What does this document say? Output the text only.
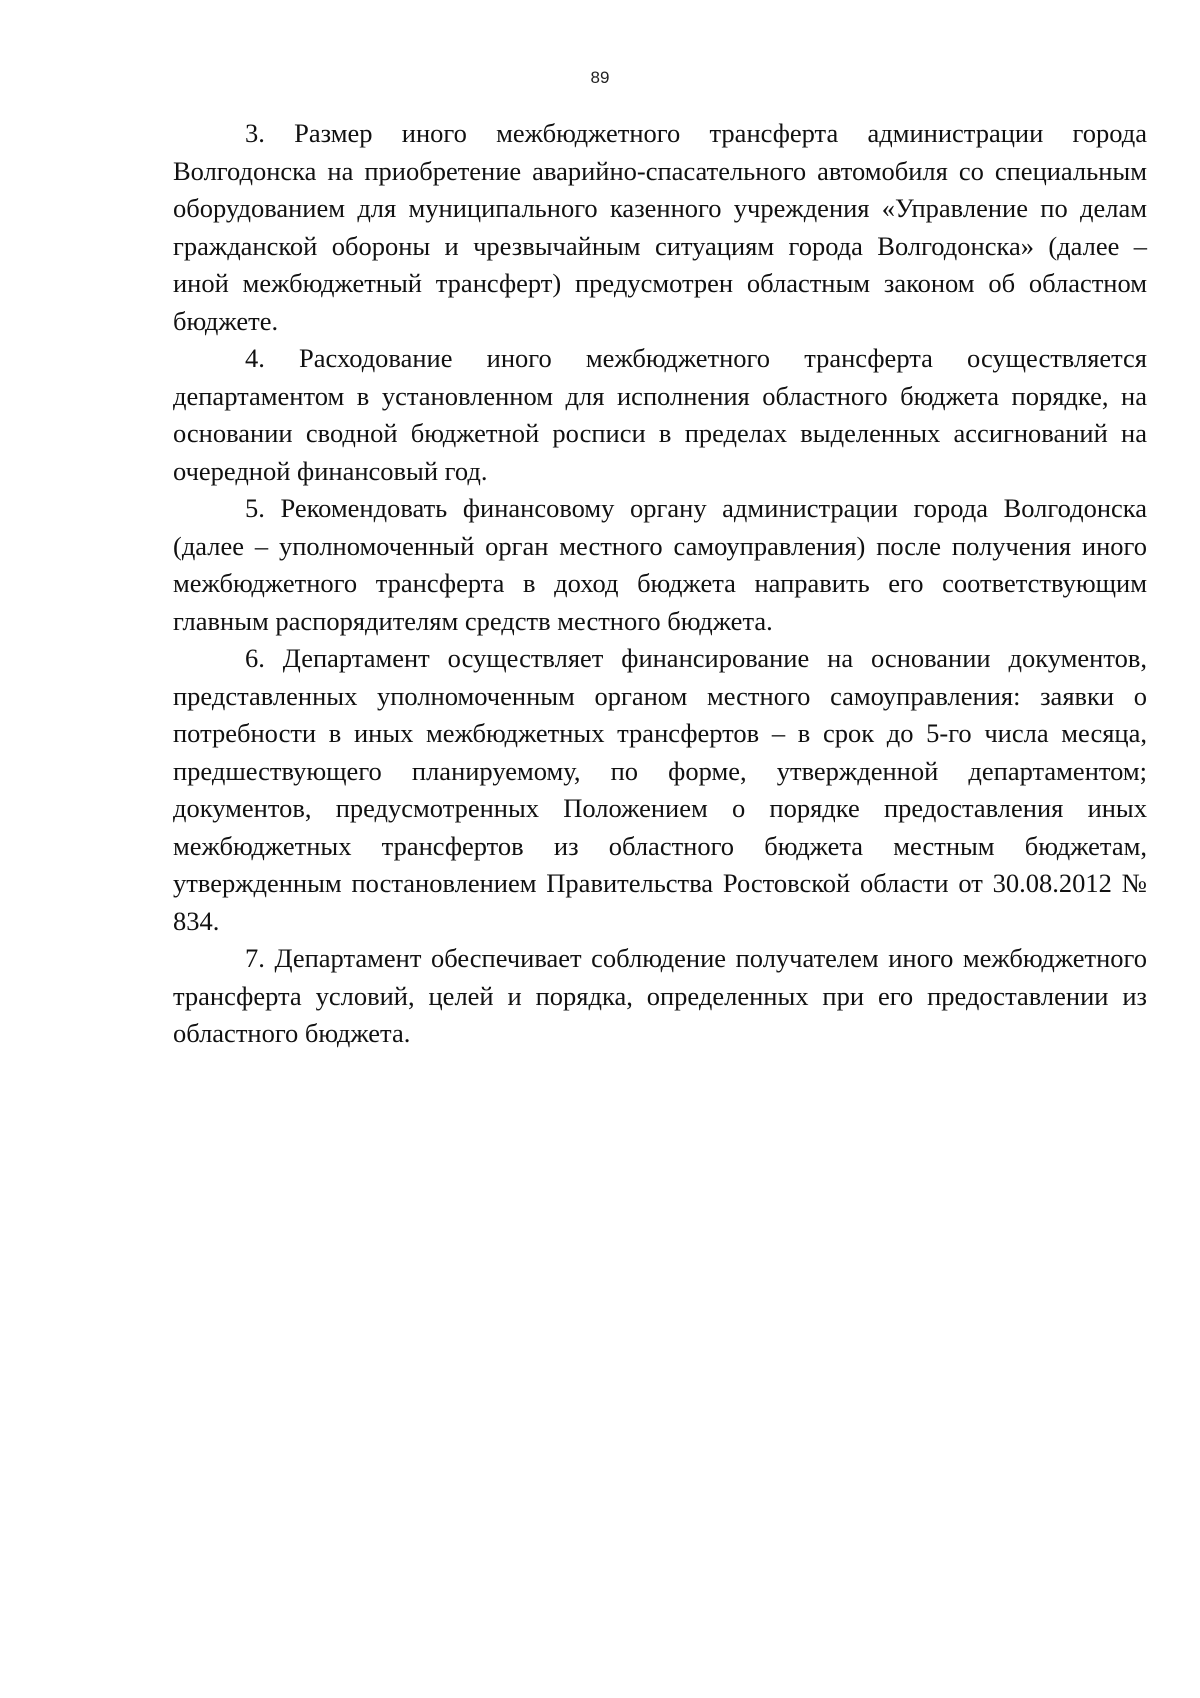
89

3. Размер иного межбюджетного трансферта администрации города Волгодонска на приобретение аварийно-спасательного автомобиля со специальным оборудованием для муниципального казенного учреждения «Управление по делам гражданской обороны и чрезвычайным ситуациям города Волгодонска» (далее – иной межбюджетный трансферт) предусмотрен областным законом об областном бюджете.

4. Расходование иного межбюджетного трансферта осуществляется департаментом в установленном для исполнения областного бюджета порядке, на основании сводной бюджетной росписи в пределах выделенных ассигнований на очередной финансовый год.

5. Рекомендовать финансовому органу администрации города Волгодонска (далее – уполномоченный орган местного самоуправления) после получения иного межбюджетного трансферта в доход бюджета направить его соответствующим главным распорядителям средств местного бюджета.

6. Департамент осуществляет финансирование на основании документов, представленных уполномоченным органом местного самоуправления: заявки о потребности в иных межбюджетных трансфертов – в срок до 5-го числа месяца, предшествующего планируемому, по форме, утвержденной департаментом; документов, предусмотренных Положением о порядке предоставления иных межбюджетных трансфертов из областного бюджета местным бюджетам, утвержденным постановлением Правительства Ростовской области от 30.08.2012 № 834.

7. Департамент обеспечивает соблюдение получателем иного межбюджетного трансферта условий, целей и порядка, определенных при его предоставлении из областного бюджета.
